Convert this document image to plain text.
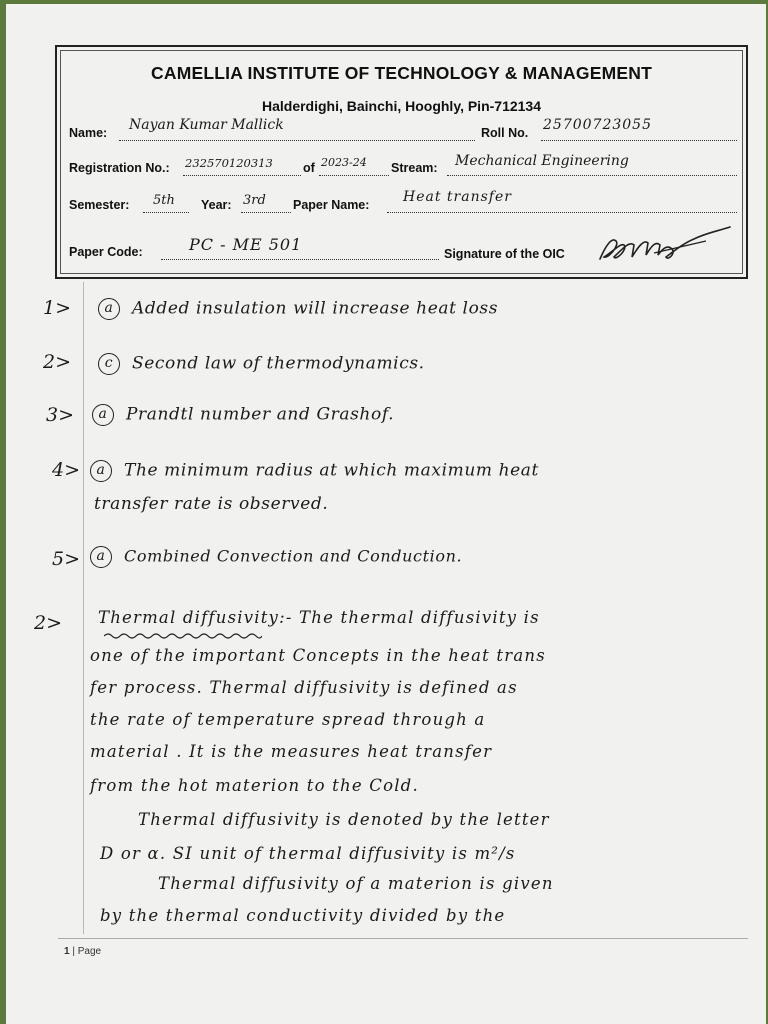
CAMELLIA INSTITUTE OF TECHNOLOGY & MANAGEMENT
Halderdighi, Bainchi, Hooghly, Pin-712134
Name: Nayan Kumar Mallick	Roll No. 25700723055
Registration No.: 232570120313 of 2023-24 Stream: Mechanical Engineering
Semester: 5th Year: 3rd Paper Name: Heat transfer
Paper Code:	PC - ME 501	Signature of the OIC
1>	a Added insulation will increase heat loss
2>	c Second law of thermodynamics.
3>	a Prandtl number and Grashof.
4>	a The minimum radius at which maximum heat
transfer rate is observed.
5>	a Combined Convection and Conduction.
2> Thermal diffusivity:- The thermal diffusivity is
one of the important Concepts in the heat trans
fer process. Thermal diffusivity is defined as
the rate of temperature spread through a
material . It is the measures heat transfer
from the hot materion to the Cold.
Thermal diffusivity is denoted by the letter
D or α. SI unit of thermal diffusivity is m²/s
Thermal diffusivity of a materion is given
by the thermal conductivity divided by the
1 | Page
